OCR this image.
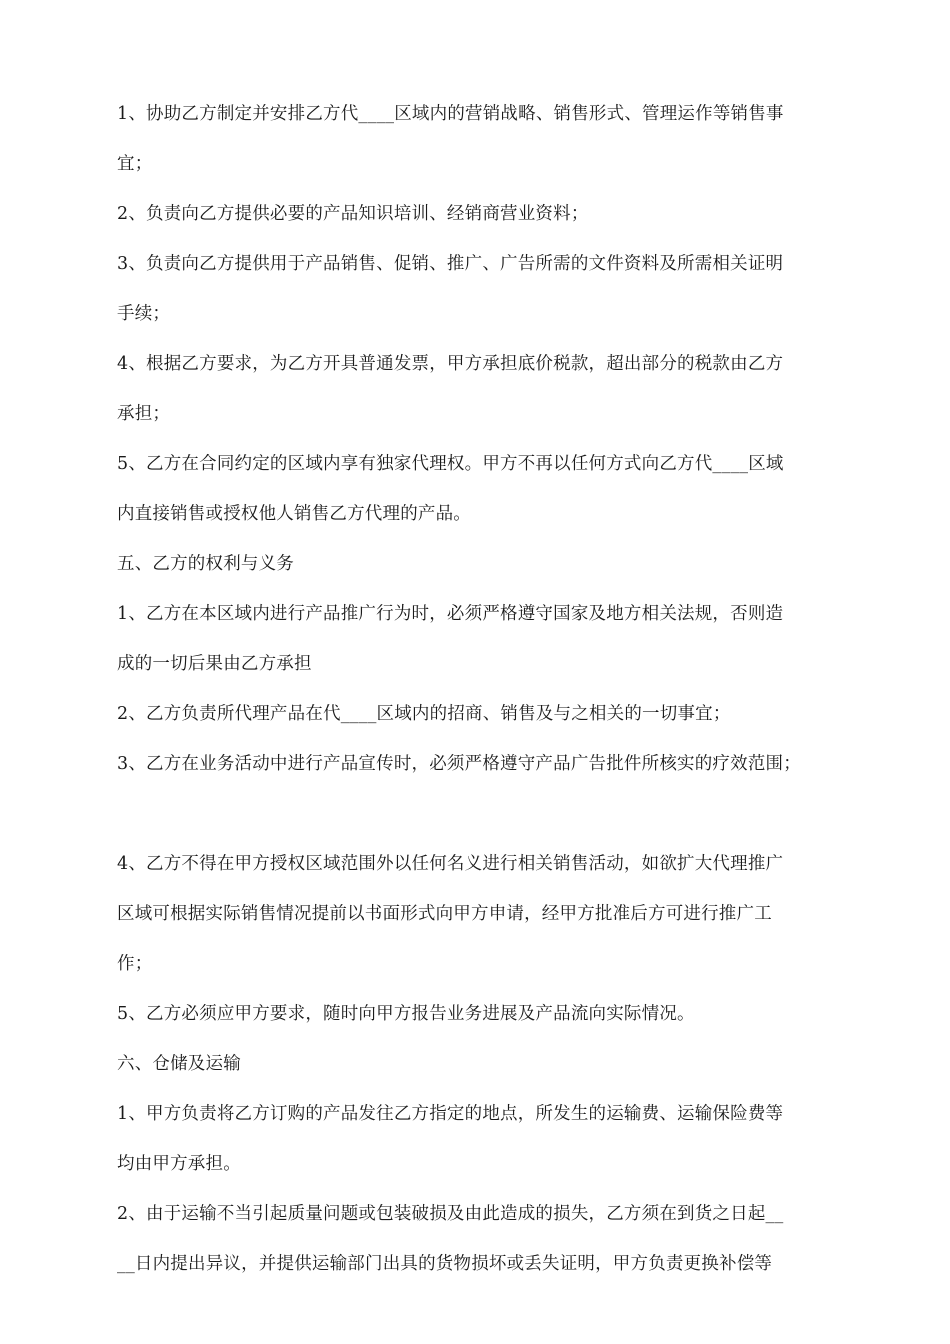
1、协助乙方制定并安排乙方代____区域内的营销战略、销售形式、管理运作等销售事
宜；
2、负责向乙方提供必要的产品知识培训、经销商营业资料；
3、负责向乙方提供用于产品销售、促销、推广、广告所需的文件资料及所需相关证明
手续；
4、根据乙方要求，为乙方开具普通发票，甲方承担底价税款，超出部分的税款由乙方
承担；
5、乙方在合同约定的区域内享有独家代理权。甲方不再以任何方式向乙方代____区域
内直接销售或授权他人销售乙方代理的产品。
五、乙方的权利与义务
1、乙方在本区域内进行产品推广行为时，必须严格遵守国家及地方相关法规，否则造
成的一切后果由乙方承担
2、乙方负责所代理产品在代____区域内的招商、销售及与之相关的一切事宜；
3、乙方在业务活动中进行产品宣传时，必须严格遵守产品广告批件所核实的疗效范围；
4、乙方不得在甲方授权区域范围外以任何名义进行相关销售活动，如欲扩大代理推广
区域可根据实际销售情况提前以书面形式向甲方申请，经甲方批准后方可进行推广工
作；
5、乙方必须应甲方要求，随时向甲方报告业务进展及产品流向实际情况。
六、仓储及运输
1、甲方负责将乙方订购的产品发往乙方指定的地点，所发生的运输费、运输保险费等
均由甲方承担。
2、由于运输不当引起质量问题或包装破损及由此造成的损失，乙方须在到货之日起__
__日内提出异议，并提供运输部门出具的货物损坏或丢失证明，甲方负责更换补偿等
